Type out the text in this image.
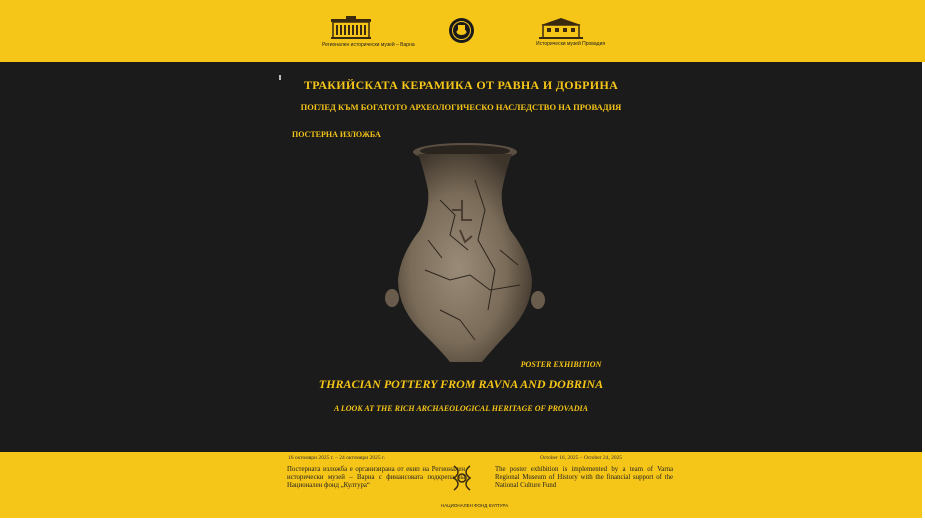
Регионален исторически музей – Варна	Исторически музей Провадия
ТРАКИЙСКАТА КЕРАМИКА ОТ РАВНА И ДОБРИНА
ПОГЛЕД КЪМ БОГАТОТО АРХЕОЛОГИЧЕСКО НАСЛЕДСТВО НА ПРОВАДИЯ
ПОСТЕРНА ИЗЛОЖБА
POSTER EXHIBITION
THRACIAN POTTERY FROM RAVNA AND DOBRINA
A LOOK AT THE RICH ARCHAEOLOGICAL HERITAGE OF PROVADIA
16 октомври 2025 г. – 24 октомври 2025 г.	October 16, 2025 – October 24, 2025
Постерната изложба е организирана от екип на Регионален исторически музей – Варна с финансовата подкрепа на Национален фонд „Култура“
НАЦИОНАЛЕН ФОНД КУЛТУРА
The poster exhibition is implemented by a team of Varna Regional Museum of History with the financial support of the National Culture Fund
